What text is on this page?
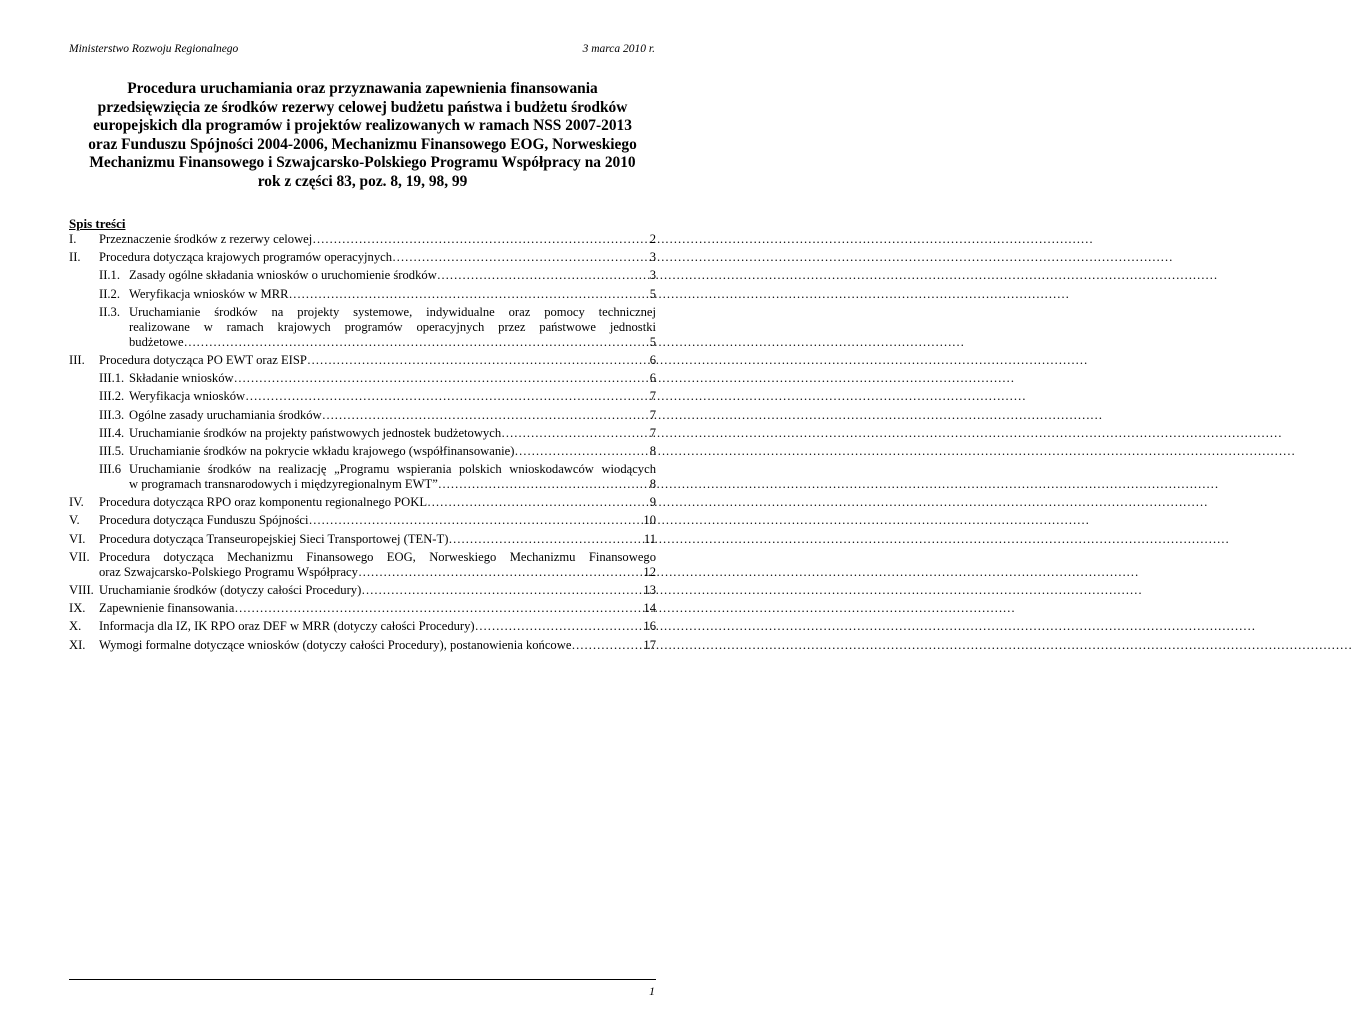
Ministerstwo Rozwoju Regionalnego	3 marca 2010 r.
Procedura uruchamiania oraz przyznawania zapewnienia finansowania
przedsięwzięcia ze środków rezerwy celowej budżetu państwa i budżetu środków
europejskich dla programów i projektów realizowanych w ramach NSS 2007-2013
oraz Funduszu Spójności 2004-2006, Mechanizmu Finansowego EOG, Norweskiego
Mechanizmu Finansowego i Szwajcarsko-Polskiego Programu Współpracy na 2010
rok z części 83, poz. 8, 19, 98, 99
Spis treści
I. Przeznaczenie środków z rezerwy celowej ……………………………………………………………………………………………………………………………………………………………………	2
II. Procedura dotycząca krajowych programów operacyjnych ……………………………………………………………………………………………………………………………………………………………………	3
II.1. Zasady ogólne składania wniosków o uruchomienie środków ……………………………………………………………………………………………………………………………………………………………………	3
II.2. Weryfikacja wniosków w MRR ……………………………………………………………………………………………………………………………………………………………………	5
II.3. Uruchamianie środków na projekty systemowe, indywidualne oraz pomocy technicznej
realizowane w ramach krajowych programów operacyjnych przez państwowe jednostki
budżetowe ……………………………………………………………………………………………………………………………………………………………………	5
III. Procedura dotycząca PO EWT oraz EISP ……………………………………………………………………………………………………………………………………………………………………	6
III.1. Składanie wniosków ……………………………………………………………………………………………………………………………………………………………………	6
III.2. Weryfikacja wniosków ……………………………………………………………………………………………………………………………………………………………………	7
III.3. Ogólne zasady uruchamiania środków ……………………………………………………………………………………………………………………………………………………………………	7
III.4. Uruchamianie środków na projekty państwowych jednostek budżetowych ……………………………………………………………………………………………………………………………………………………………………	7
III.5. Uruchamianie środków na pokrycie wkładu krajowego (współfinansowanie) ……………………………………………………………………………………………………………………………………………………………………	8
III.6 Uruchamianie środków na realizację „Programu wspierania polskich wnioskodawców wiodących
w programach transnarodowych i międzyregionalnym EWT” ……………………………………………………………………………………………………………………………………………………………………	8
IV. Procedura dotycząca RPO oraz komponentu regionalnego POKL ……………………………………………………………………………………………………………………………………………………………………	9
V. Procedura dotycząca Funduszu Spójności ……………………………………………………………………………………………………………………………………………………………………	10
VI. Procedura dotycząca Transeuropejskiej Sieci Transportowej (TEN-T) ……………………………………………………………………………………………………………………………………………………………………	11
VII. Procedura dotycząca Mechanizmu Finansowego EOG, Norweskiego Mechanizmu Finansowego
oraz Szwajcarsko-Polskiego Programu Współpracy ……………………………………………………………………………………………………………………………………………………………………	12
VIII. Uruchamianie środków (dotyczy całości Procedury) ……………………………………………………………………………………………………………………………………………………………………	13
IX. Zapewnienie finansowania ……………………………………………………………………………………………………………………………………………………………………	14
X. Informacja dla IZ, IK RPO oraz DEF w MRR (dotyczy całości Procedury) ……………………………………………………………………………………………………………………………………………………………………	16
XI. Wymogi formalne dotyczące wniosków (dotyczy całości Procedury), postanowienia końcowe ……………………………………………………………………………………………………………………………………………………………………	17
1
